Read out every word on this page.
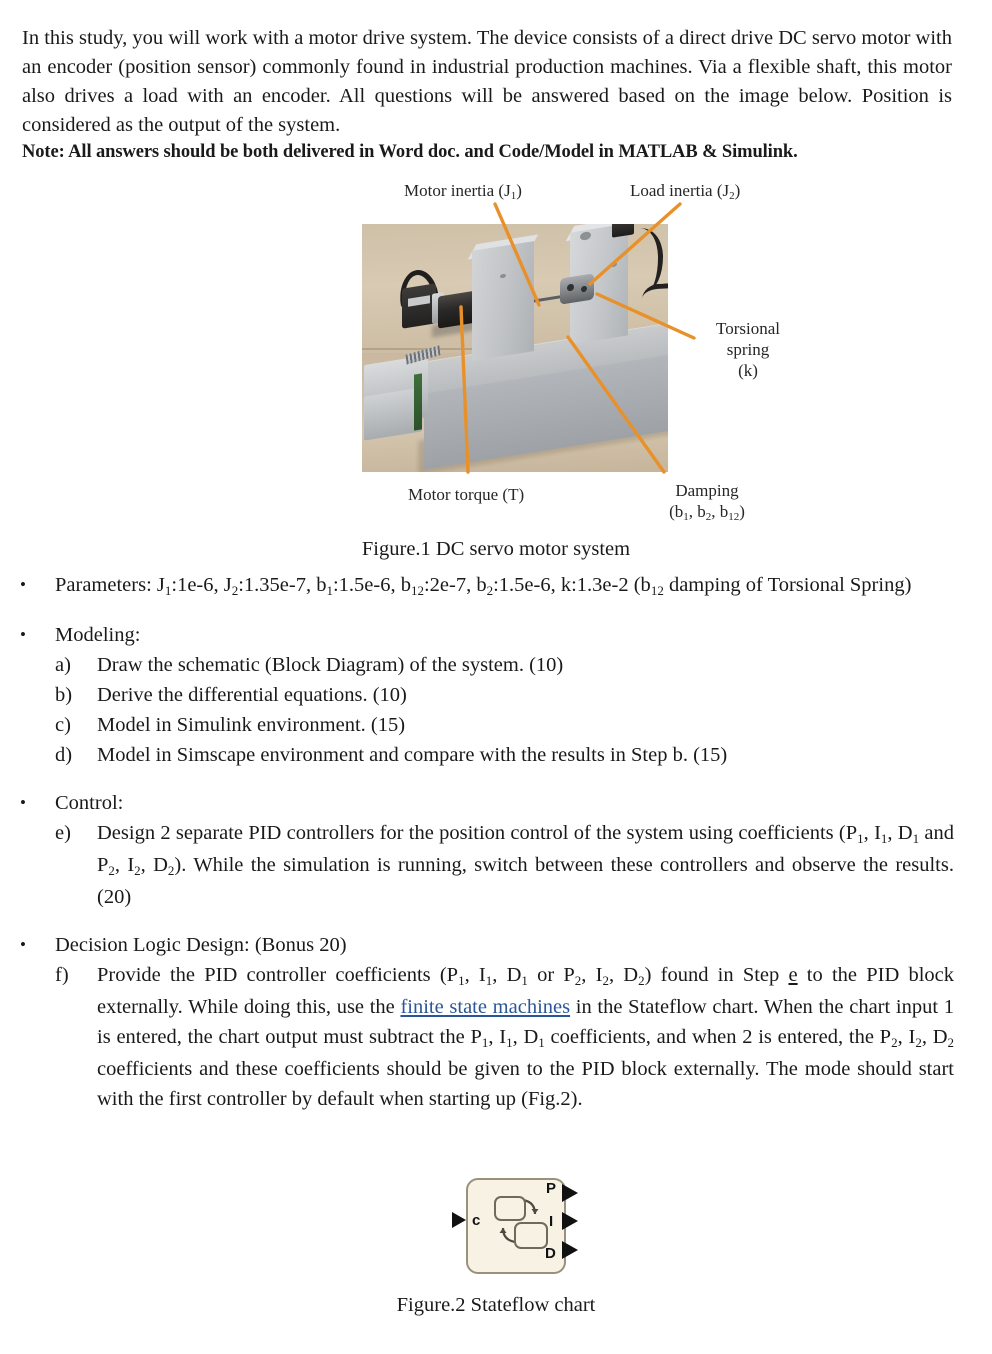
In this study, you will work with a motor drive system. The device consists of a direct drive DC servo motor with an encoder (position sensor) commonly found in industrial production machines. Via a flexible shaft, this motor also drives a load with an encoder. All questions will be answered based on the image below. Position is considered as the output of the system.
Note: All answers should be both delivered in Word doc. and Code/Model in MATLAB & Simulink.
Motor inertia $(J_1)$	Load inertia $(J_2)$
Torsional
spring
(k)
Motor torque (T)	Damping
($b_1$, $b_2$, $b_{12}$)
Figure.1 DC servo motor system
• Parameters: $J_1:1e-6$, $J_2:1.35e-7$, $b_1:1.5e-6$, $b_{12}:2e-7$, $b_2:1.5e-6$, k:1.3e-2 ($b_{12}$ damping of Torsional Spring)
• Modeling:
a)	Draw the schematic (Block Diagram) of the system. (10)
b)	Derive the differential equations. (10)
c)	Model in Simulink environment. (15)
d)	Model in Simscape environment and compare with the results in Step b. (15)
• Control:
e)	Design 2 separate PID controllers for the position control of the system using coefficients ($P_1$, $I_1$, $D_1$ and $P_2$, $I_2$, $D_2$). While the simulation is running, switch between these controllers and observe the results. (20)
• Decision Logic Design: (Bonus 20)
f)	Provide the PID controller coefficients ($P_1$, $I_1$, $D_1$ or $P_2$, $I_2$, $D_2$) found in Step e to the PID block externally. While doing this, use the finite state machines in the Stateflow chart. When the chart input 1 is entered, the chart output must subtract the $P_1$, $I_1$, $D_1$ coefficients, and when 2 is entered, the $P_2$, $I_2$, $D_2$ coefficients and these coefficients should be given to the PID block externally. The mode should start with the first controller by default when starting up (Fig.2).
c
P
I
D
Figure.2 Stateflow chart
